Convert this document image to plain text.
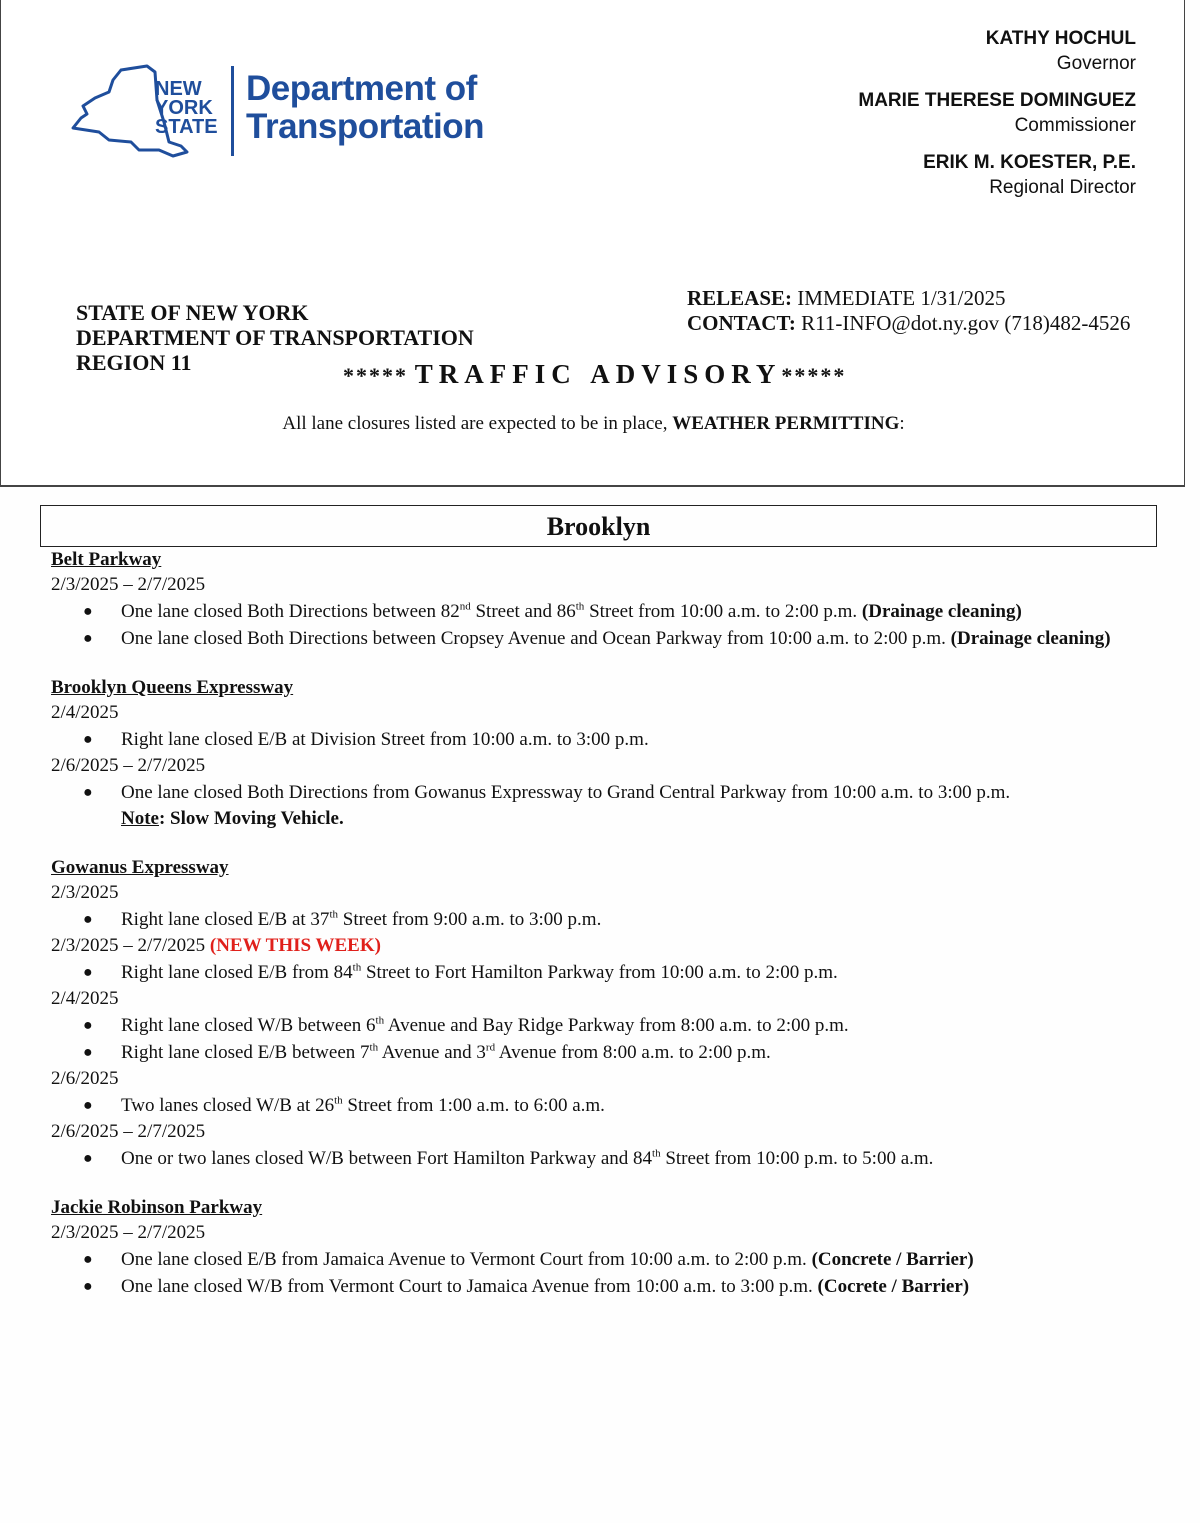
NEW
YORK
STATE
Department of
Transportation
KATHY HOCHUL
Governor
MARIE THERESE DOMINGUEZ
Commissioner
ERIK M. KOESTER, P.E.
Regional Director
STATE OF NEW YORK
DEPARTMENT OF TRANSPORTATION
REGION 11
RELEASE: IMMEDIATE 1/31/2025
CONTACT: R11-INFO@dot.ny.gov (718)482-4526
***** TRAFFIC ADVISORY*****
All lane closures listed are expected to be in place, WEATHER PERMITTING:
Brooklyn
Belt Parkway
2/3/2025 – 2/7/2025
● One lane closed Both Directions between 82nd Street and 86th Street from 10:00 a.m. to 2:00 p.m. (Drainage cleaning)
● One lane closed Both Directions between Cropsey Avenue and Ocean Parkway from 10:00 a.m. to 2:00 p.m. (Drainage cleaning)
Brooklyn Queens Expressway
2/4/2025
● Right lane closed E/B at Division Street from 10:00 a.m. to 3:00 p.m.
2/6/2025 – 2/7/2025
● One lane closed Both Directions from Gowanus Expressway to Grand Central Parkway from 10:00 a.m. to 3:00 p.m.
Note: Slow Moving Vehicle.
Gowanus Expressway
2/3/2025
● Right lane closed E/B at 37th Street from 9:00 a.m. to 3:00 p.m.
2/3/2025 – 2/7/2025 (NEW THIS WEEK)
● Right lane closed E/B from 84th Street to Fort Hamilton Parkway from 10:00 a.m. to 2:00 p.m.
2/4/2025
● Right lane closed W/B between 6th Avenue and Bay Ridge Parkway from 8:00 a.m. to 2:00 p.m.
● Right lane closed E/B between 7th Avenue and 3rd Avenue from 8:00 a.m. to 2:00 p.m.
2/6/2025
● Two lanes closed W/B at 26th Street from 1:00 a.m. to 6:00 a.m.
2/6/2025 – 2/7/2025
● One or two lanes closed W/B between Fort Hamilton Parkway and 84th Street from 10:00 p.m. to 5:00 a.m.
Jackie Robinson Parkway
2/3/2025 – 2/7/2025
● One lane closed E/B from Jamaica Avenue to Vermont Court from 10:00 a.m. to 2:00 p.m. (Concrete / Barrier)
● One lane closed W/B from Vermont Court to Jamaica Avenue from 10:00 a.m. to 3:00 p.m. (Cocrete / Barrier)
